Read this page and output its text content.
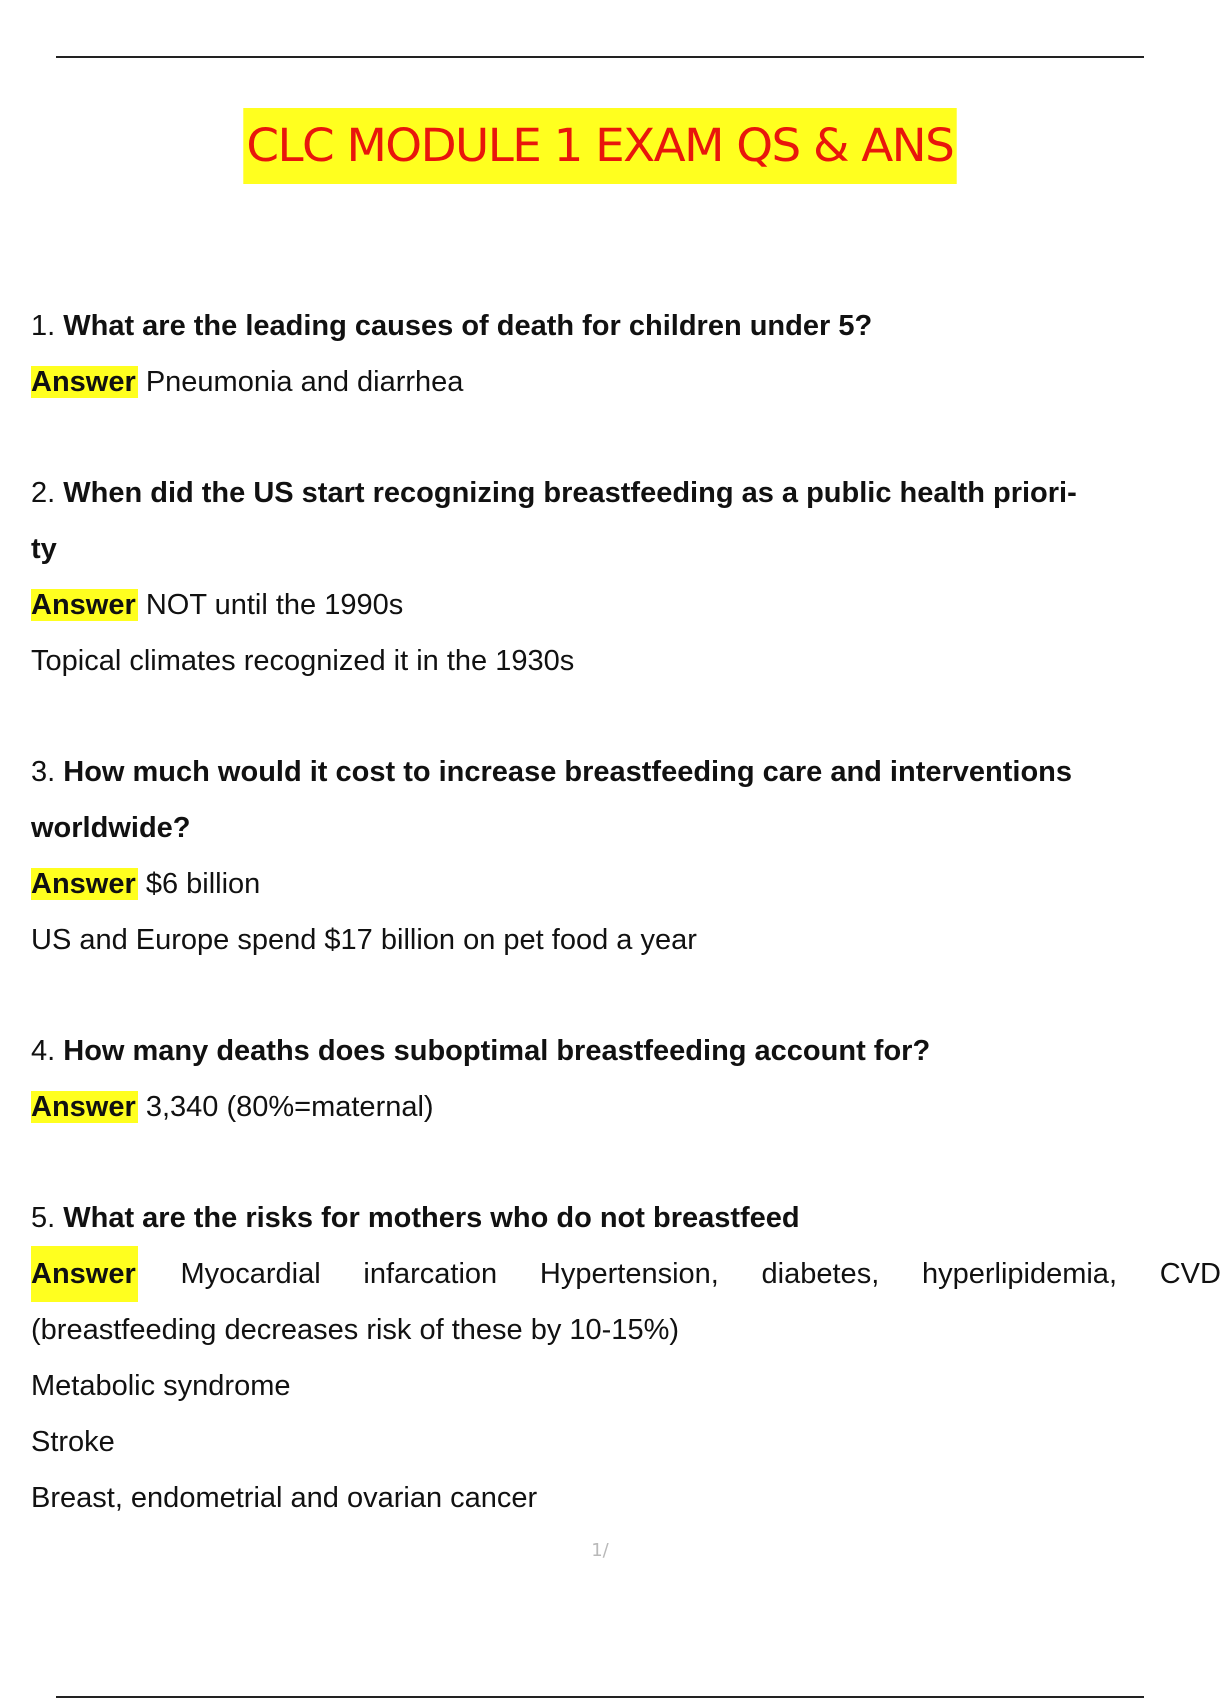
CLC MODULE 1 EXAM QS & ANS
1. What are the leading causes of death for children under 5?
Answer Pneumonia and diarrhea
2. When did the US start recognizing breastfeeding as a public health priori-
ty
Answer NOT until the 1990s
Topical climates recognized it in the 1930s
3. How much would it cost to increase breastfeeding care and interventions
worldwide?
Answer $6 billion
US and Europe spend $17 billion on pet food a year
4. How many deaths does suboptimal breastfeeding account for?
Answer 3,340 (80%=maternal)
5. What are the risks for mothers who do not breastfeed
Answer Myocardial infarcation Hypertension, diabetes, hyperlipidemia, CVD
(breastfeeding decreases risk of these by 10-15%)
Metabolic syndrome
Stroke
Breast, endometrial and ovarian cancer
1/
